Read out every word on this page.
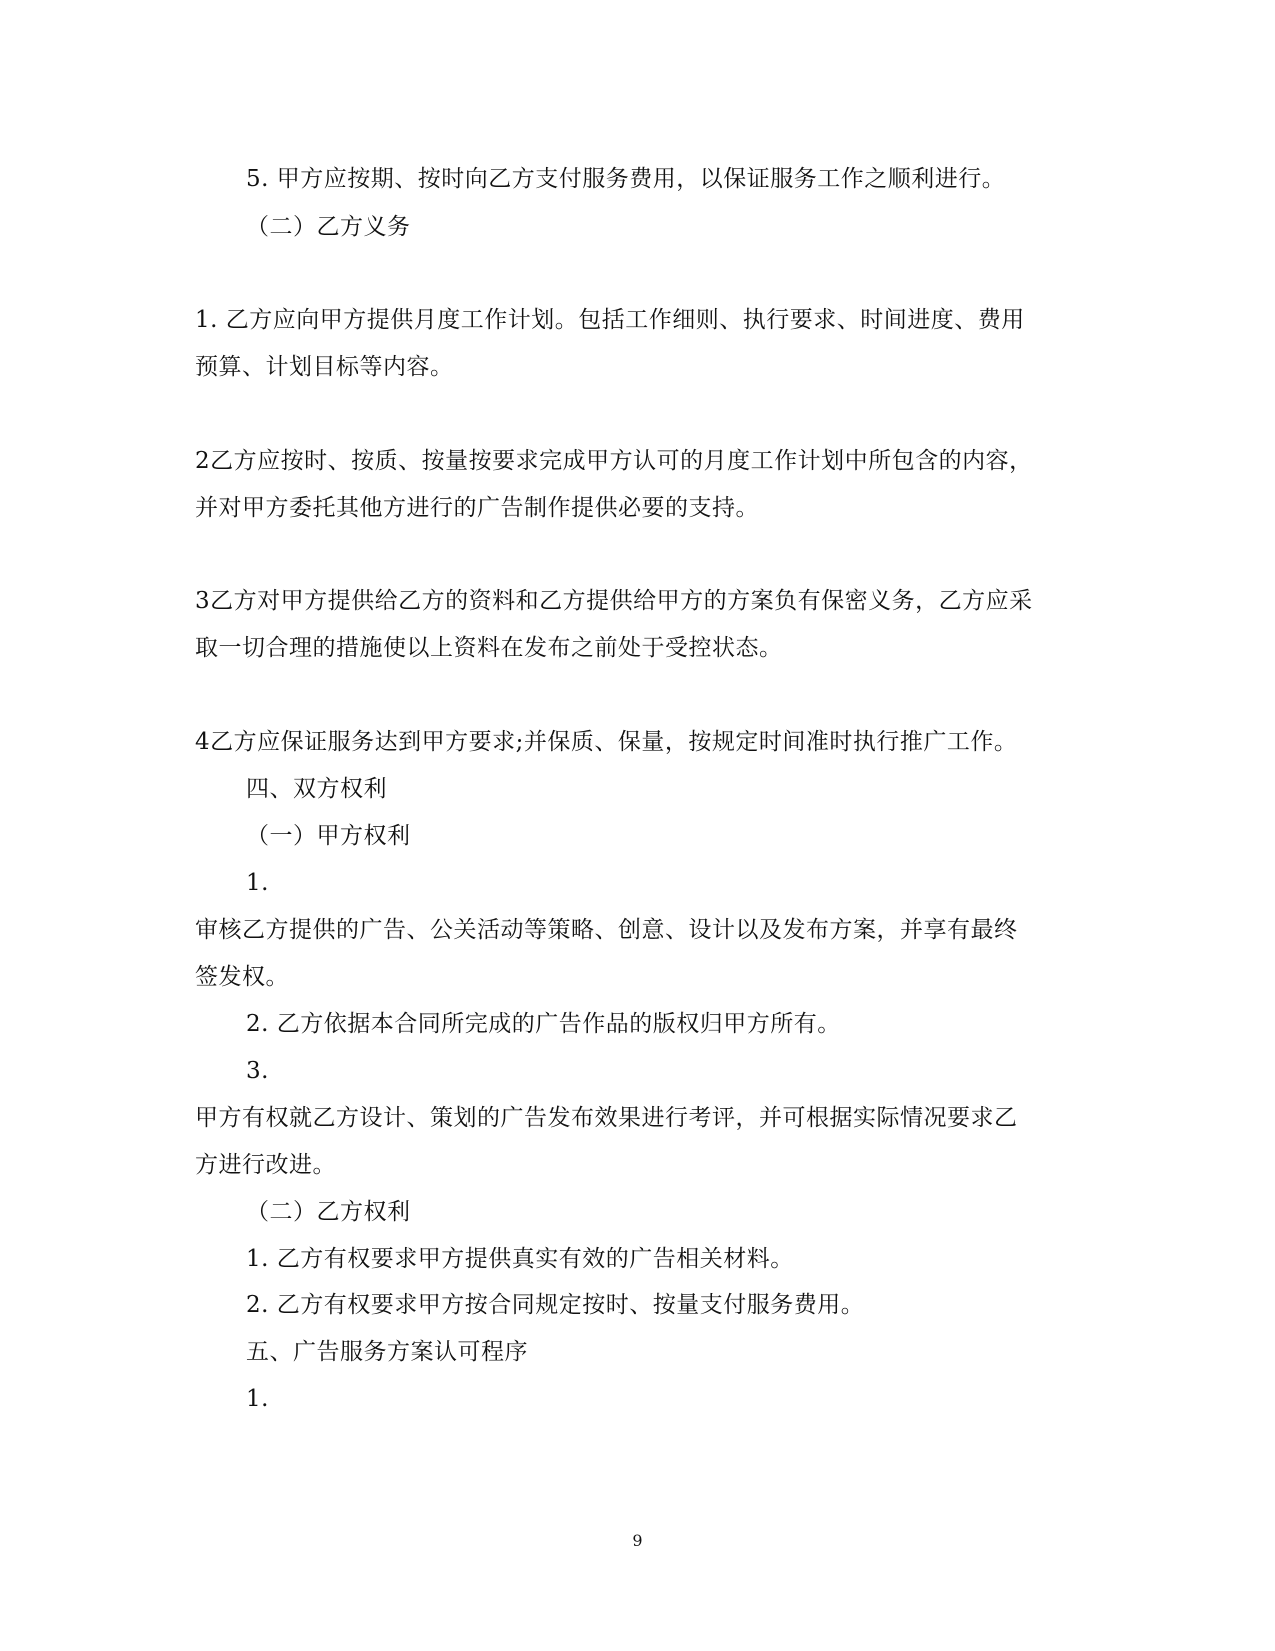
5. 甲方应按期、按时向乙方支付服务费用，以保证服务工作之顺利进行。
（二）乙方义务
1. 乙方应向甲方提供月度工作计划。包括工作细则、执行要求、时间进度、费用
预算、计划目标等内容。
2乙方应按时、按质、按量按要求完成甲方认可的月度工作计划中所包含的内容，
并对甲方委托其他方进行的广告制作提供必要的支持。
3乙方对甲方提供给乙方的资料和乙方提供给甲方的方案负有保密义务，乙方应采
取一切合理的措施使以上资料在发布之前处于受控状态。
4乙方应保证服务达到甲方要求;并保质、保量，按规定时间准时执行推广工作。
四、双方权利
（一）甲方权利
1.
审核乙方提供的广告、公关活动等策略、创意、设计以及发布方案，并享有最终
签发权。
2. 乙方依据本合同所完成的广告作品的版权归甲方所有。
3.
甲方有权就乙方设计、策划的广告发布效果进行考评，并可根据实际情况要求乙
方进行改进。
（二）乙方权利
1. 乙方有权要求甲方提供真实有效的广告相关材料。
2. 乙方有权要求甲方按合同规定按时、按量支付服务费用。
五、广告服务方案认可程序
1.
9
